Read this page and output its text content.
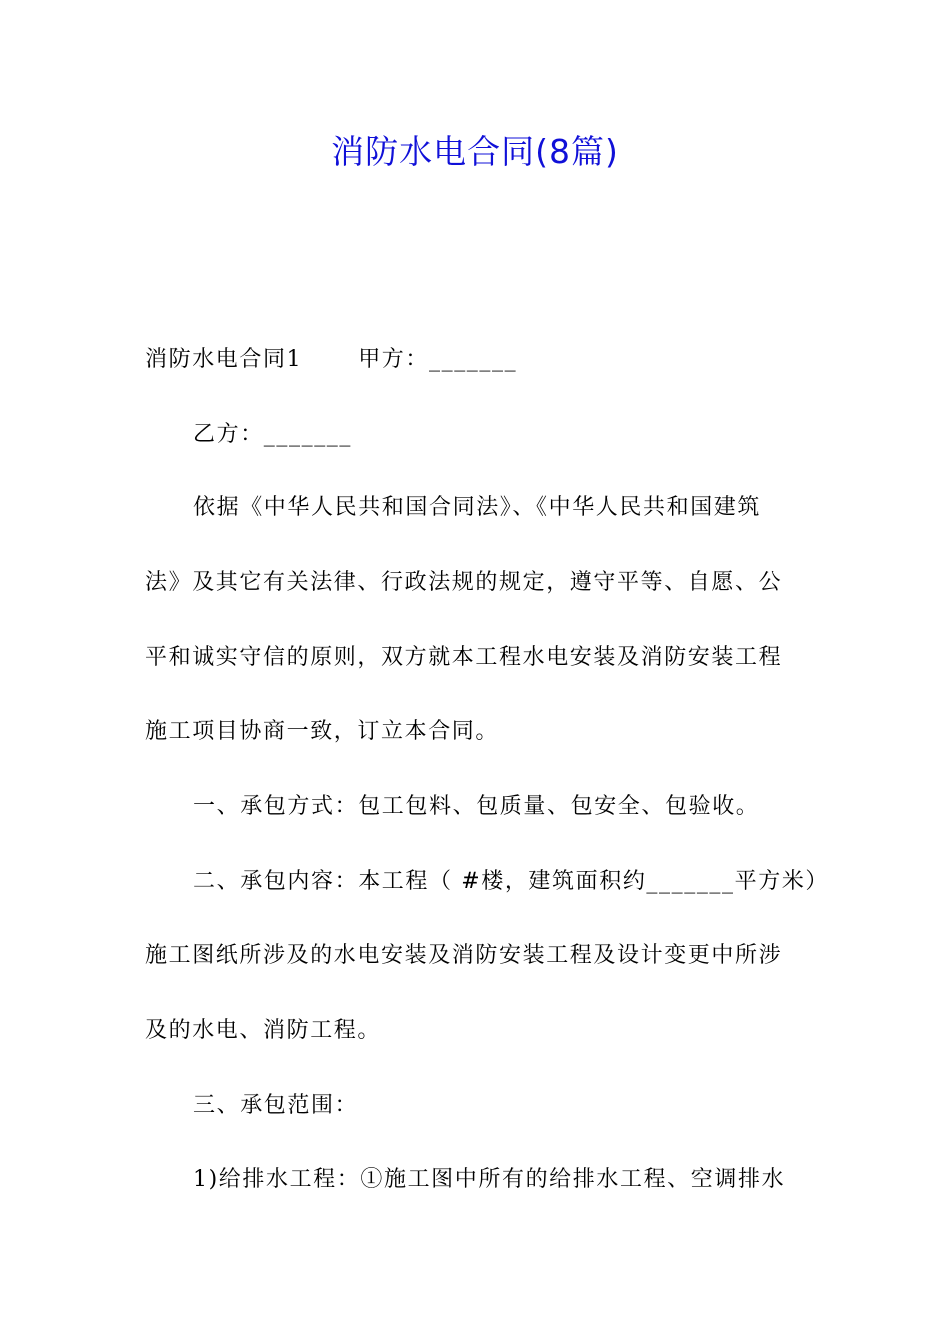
消防水电合同(8篇)
消防水电合同1	甲方：_______
乙方：_______
依据《中华人民共和国合同法》、《中华人民共和国建筑
法》及其它有关法律、行政法规的规定，遵守平等、自愿、公
平和诚实守信的原则，双方就本工程水电安装及消防安装工程
施工项目协商一致，订立本合同。
一、承包方式：包工包料、包质量、包安全、包验收。
二、承包内容：本工程（ #楼，建筑面积约_______平方米）
施工图纸所涉及的水电安装及消防安装工程及设计变更中所涉
及的水电、消防工程。
三、承包范围：
1)给排水工程：①施工图中所有的给排水工程、空调排水
